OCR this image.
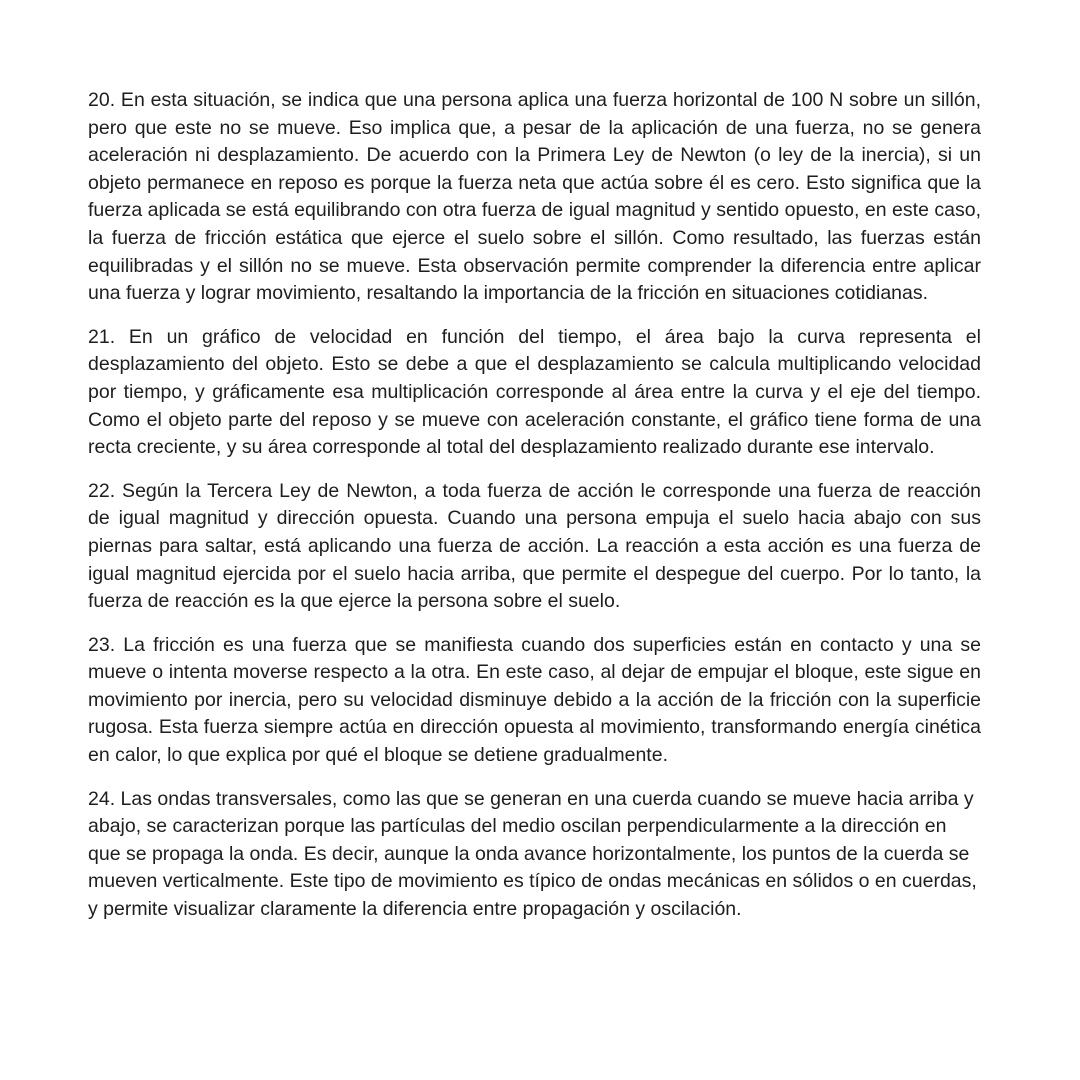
20. En esta situación, se indica que una persona aplica una fuerza horizontal de 100 N sobre un sillón, pero que este no se mueve. Eso implica que, a pesar de la aplicación de una fuerza, no se genera aceleración ni desplazamiento. De acuerdo con la Primera Ley de Newton (o ley de la inercia), si un objeto permanece en reposo es porque la fuerza neta que actúa sobre él es cero. Esto significa que la fuerza aplicada se está equilibrando con otra fuerza de igual magnitud y sentido opuesto, en este caso, la fuerza de fricción estática que ejerce el suelo sobre el sillón. Como resultado, las fuerzas están equilibradas y el sillón no se mueve. Esta observación permite comprender la diferencia entre aplicar una fuerza y lograr movimiento, resaltando la importancia de la fricción en situaciones cotidianas.

21. En un gráfico de velocidad en función del tiempo, el área bajo la curva representa el desplazamiento del objeto. Esto se debe a que el desplazamiento se calcula multiplicando velocidad por tiempo, y gráficamente esa multiplicación corresponde al área entre la curva y el eje del tiempo. Como el objeto parte del reposo y se mueve con aceleración constante, el gráfico tiene forma de una recta creciente, y su área corresponde al total del desplazamiento realizado durante ese intervalo.

22. Según la Tercera Ley de Newton, a toda fuerza de acción le corresponde una fuerza de reacción de igual magnitud y dirección opuesta. Cuando una persona empuja el suelo hacia abajo con sus piernas para saltar, está aplicando una fuerza de acción. La reacción a esta acción es una fuerza de igual magnitud ejercida por el suelo hacia arriba, que permite el despegue del cuerpo. Por lo tanto, la fuerza de reacción es la que ejerce la persona sobre el suelo.

23. La fricción es una fuerza que se manifiesta cuando dos superficies están en contacto y una se mueve o intenta moverse respecto a la otra. En este caso, al dejar de empujar el bloque, este sigue en movimiento por inercia, pero su velocidad disminuye debido a la acción de la fricción con la superficie rugosa. Esta fuerza siempre actúa en dirección opuesta al movimiento, transformando energía cinética en calor, lo que explica por qué el bloque se detiene gradualmente.

24. Las ondas transversales, como las que se generan en una cuerda cuando se mueve hacia arriba y abajo, se caracterizan porque las partículas del medio oscilan perpendicularmente a la dirección en que se propaga la onda. Es decir, aunque la onda avance horizontalmente, los puntos de la cuerda se mueven verticalmente. Este tipo de movimiento es típico de ondas mecánicas en sólidos o en cuerdas, y permite visualizar claramente la diferencia entre propagación y oscilación.
